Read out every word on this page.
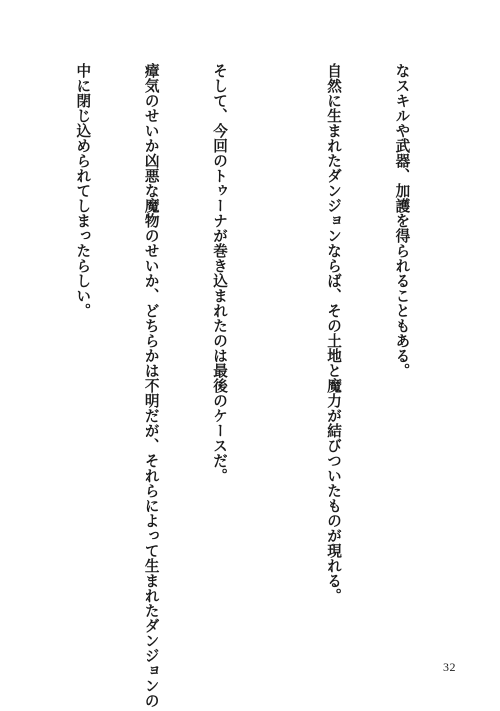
なスキルや武器、加護を得られることもある。

自然に生まれたダンジョンならば、その土地と魔力が結びついたものが現れる。

そして、今回のトゥーナが巻き込まれたのは最後のケースだ。

瘴気のせいか凶悪な魔物のせいか、どちらかは不明だが、それらによって生まれたダンジョンの

中に閉じ込められてしまったらしい。

32
